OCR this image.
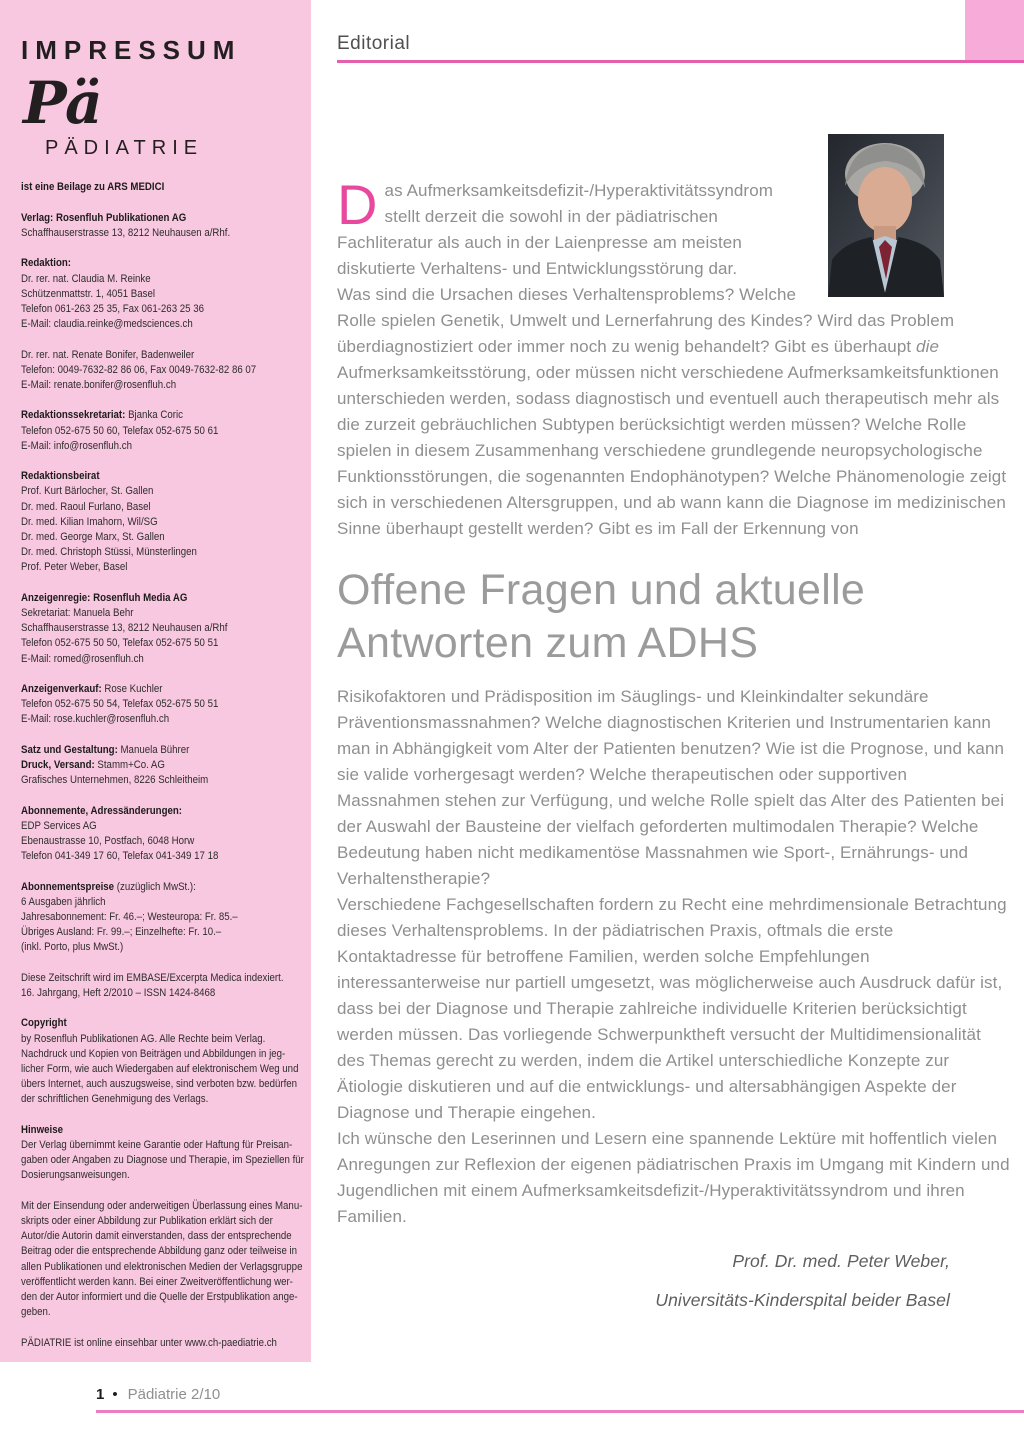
IMPRESSUM
Pä
PÄDIATRIE
ist eine Beilage zu ARS MEDICI
Verlag: Rosenfluh Publikationen AG
Schaffhauserstrasse 13, 8212 Neuhausen a/Rhf.
Redaktion:
Dr. rer. nat. Claudia M. Reinke
Schützenmattstr. 1, 4051 Basel
Telefon 061-263 25 35, Fax 061-263 25 36
E-Mail: claudia.reinke@medsciences.ch
Dr. rer. nat. Renate Bonifer, Badenweiler
Telefon: 0049-7632-82 86 06, Fax 0049-7632-82 86 07
E-Mail: renate.bonifer@rosenfluh.ch
Redaktionssekretariat: Bjanka Coric
Telefon 052-675 50 60, Telefax 052-675 50 61
E-Mail: info@rosenfluh.ch
Redaktionsbeirat
Prof. Kurt Bärlocher, St. Gallen
Dr. med. Raoul Furlano, Basel
Dr. med. Kilian Imahorn, Wil/SG
Dr. med. George Marx, St. Gallen
Dr. med. Christoph Stüssi, Münsterlingen
Prof. Peter Weber, Basel
Anzeigenregie: Rosenfluh Media AG
Sekretariat: Manuela Behr
Schaffhauserstrasse 13, 8212 Neuhausen a/Rhf
Telefon 052-675 50 50, Telefax 052-675 50 51
E-Mail: romed@rosenfluh.ch
Anzeigenverkauf: Rose Kuchler
Telefon 052-675 50 54, Telefax 052-675 50 51
E-Mail: rose.kuchler@rosenfluh.ch
Satz und Gestaltung: Manuela Bührer
Druck, Versand: Stamm+Co. AG
Grafisches Unternehmen, 8226 Schleitheim
Abonnemente, Adressänderungen:
EDP Services AG
Ebenaustrasse 10, Postfach, 6048 Horw
Telefon 041-349 17 60, Telefax 041-349 17 18
Abonnementspreise (zuzüglich MwSt.):
6 Ausgaben jährlich
Jahresabonnement: Fr. 46.–; Westeuropa: Fr. 85.–
Übriges Ausland: Fr. 99.–; Einzelhefte: Fr. 10.–
(inkl. Porto, plus MwSt.)
Diese Zeitschrift wird im EMBASE/Excerpta Medica indexiert.
16. Jahrgang, Heft 2/2010 – ISSN 1424-8468
Copyright
by Rosenfluh Publikationen AG. Alle Rechte beim Verlag.
Nachdruck und Kopien von Beiträgen und Abbildungen in jeg-
licher Form, wie auch Wiedergaben auf elektronischem Weg und
übers Internet, auch auszugsweise, sind verboten bzw. bedürfen
der schriftlichen Genehmigung des Verlags.
Hinweise
Der Verlag übernimmt keine Garantie oder Haftung für Preisan-
gaben oder Angaben zu Diagnose und Therapie, im Speziellen für
Dosierungsanweisungen.
Mit der Einsendung oder anderweitigen Überlassung eines Manu-
skripts oder einer Abbildung zur Publikation erklärt sich der
Autor/die Autorin damit einverstanden, dass der entsprechende
Beitrag oder die entsprechende Abbildung ganz oder teilweise in
allen Publikationen und elektronischen Medien der Verlagsgruppe
veröffentlicht werden kann. Bei einer Zweitveröffentlichung wer-
den der Autor informiert und die Quelle der Erstpublikation ange-
geben.
PÄDIATRIE ist online einsehbar unter www.ch-paediatrie.ch
Editorial

Das Aufmerksamkeitsdefizit-/Hyperaktivitätssyndrom stellt derzeit die sowohl in der pädiatrischen Fachliteratur als auch in der Laienpresse am meisten diskutierte Verhaltens- und Entwicklungsstörung dar.

Was sind die Ursachen dieses Verhaltensproblems? Welche Rolle spielen Genetik, Umwelt und Lernerfahrung des Kindes? Wird das Problem überdiagnostiziert oder immer noch zu wenig behandelt? Gibt es überhaupt die Aufmerksamkeitsstörung, oder müssen nicht verschiedene Aufmerksamkeitsfunktionen unterschieden werden, sodass diagnostisch und eventuell auch therapeutisch mehr als die zurzeit gebräuchlichen Subtypen berücksichtigt werden müssen? Welche Rolle spielen in diesem Zusammenhang verschiedene grundlegende neuropsychologische Funktionsstörungen, die sogenannten Endophänotypen? Welche Phänomenologie zeigt sich in verschiedenen Altersgruppen, und ab wann kann die Diagnose im medizinischen Sinne überhaupt gestellt werden? Gibt es im Fall der Erkennung von

Offene Fragen und aktuelle
Antworten zum ADHS

Risikofaktoren und Prädisposition im Säuglings- und Kleinkindalter sekundäre Präventionsmassnahmen? Welche diagnostischen Kriterien und Instrumentarien kann man in Abhängigkeit vom Alter der Patienten benutzen? Wie ist die Prognose, und kann sie valide vorhergesagt werden? Welche therapeutischen oder supportiven Massnahmen stehen zur Verfügung, und welche Rolle spielt das Alter des Patienten bei der Auswahl der Bausteine der vielfach geforderten multimodalen Therapie? Welche Bedeutung haben nicht medikamentöse Massnahmen wie Sport-, Ernährungs- und Verhaltenstherapie?

Verschiedene Fachgesellschaften fordern zu Recht eine mehrdimensionale Betrachtung dieses Verhaltensproblems. In der pädiatrischen Praxis, oftmals die erste Kontaktadresse für betroffene Familien, werden solche Empfehlungen interessanterweise nur partiell umgesetzt, was möglicherweise auch Ausdruck dafür ist, dass bei der Diagnose und Therapie zahlreiche individuelle Kriterien berücksichtigt werden müssen. Das vorliegende Schwerpunktheft versucht der Multidimensionalität des Themas gerecht zu werden, indem die Artikel unterschiedliche Konzepte zur Ätiologie diskutieren und auf die entwicklungs- und altersabhängigen Aspekte der Diagnose und Therapie eingehen.

Ich wünsche den Leserinnen und Lesern eine spannende Lektüre mit hoffentlich vielen Anregungen zur Reflexion der eigenen pädiatrischen Praxis im Umgang mit Kindern und Jugendlichen mit einem Aufmerksamkeitsdefizit-/Hyperaktivitätssyndrom und ihren Familien.

Prof. Dr. med. Peter Weber,
Universitäts-Kinderspital beider Basel
1 • Pädiatrie 2/10
